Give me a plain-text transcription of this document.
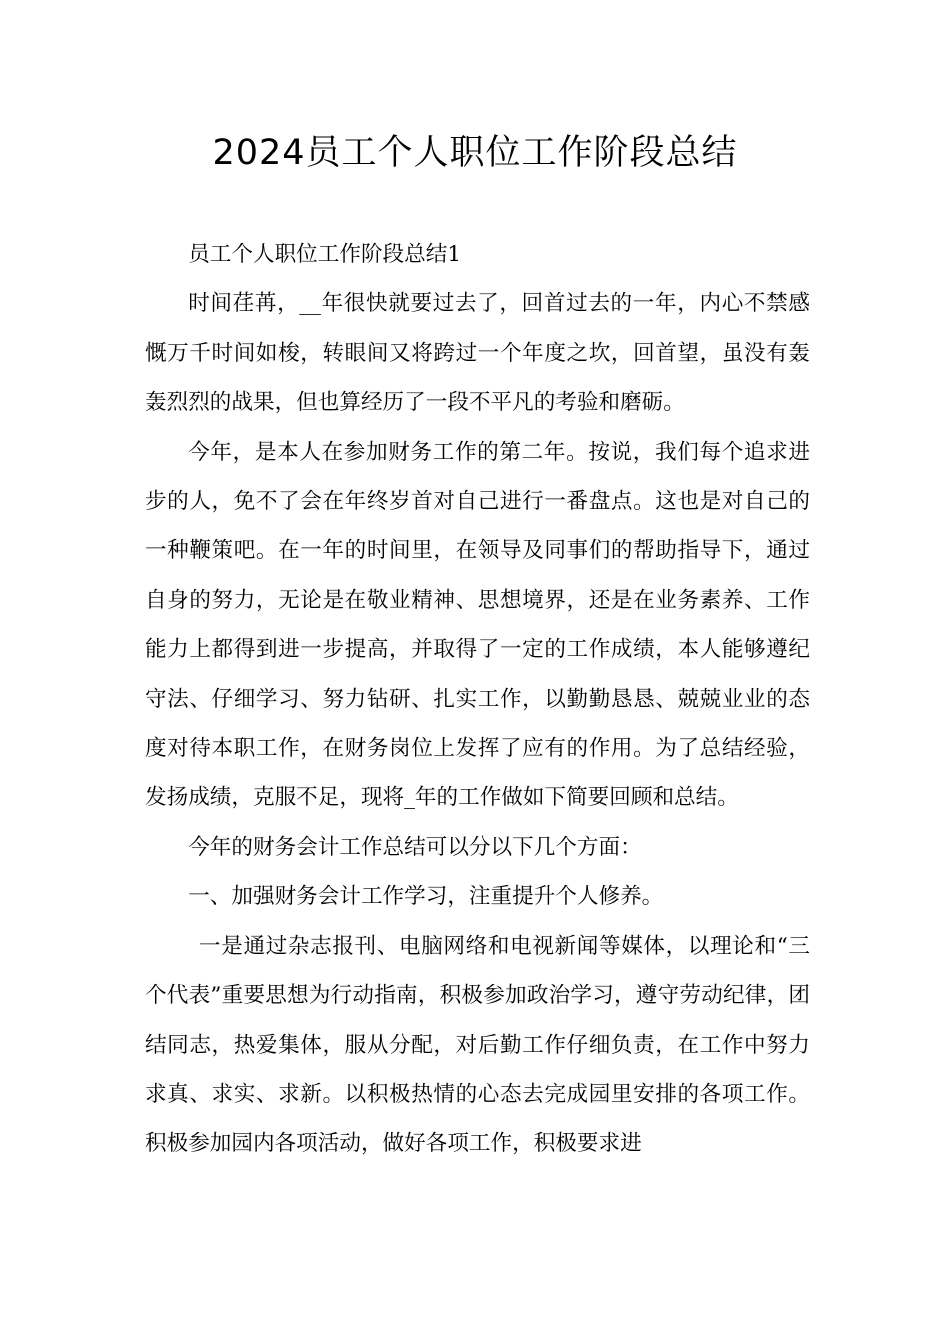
2024员工个人职位工作阶段总结

员工个人职位工作阶段总结1

时间荏苒，__年很快就要过去了，回首过去的一年，内心不禁感慨万千时间如梭，转眼间又将跨过一个年度之坎，回首望，虽没有轰轰烈烈的战果，但也算经历了一段不平凡的考验和磨砺。

今年，是本人在参加财务工作的第二年。按说，我们每个追求进步的人，免不了会在年终岁首对自己进行一番盘点。这也是对自己的一种鞭策吧。在一年的时间里，在领导及同事们的帮助指导下，通过自身的努力，无论是在敬业精神、思想境界，还是在业务素养、工作能力上都得到进一步提高，并取得了一定的工作成绩，本人能够遵纪守法、仔细学习、努力钻研、扎实工作，以勤勤恳恳、兢兢业业的态度对待本职工作，在财务岗位上发挥了应有的作用。为了总结经验，发扬成绩，克服不足，现将_年的工作做如下简要回顾和总结。

今年的财务会计工作总结可以分以下几个方面：

一、加强财务会计工作学习，注重提升个人修养。

一是通过杂志报刊、电脑网络和电视新闻等媒体，以理论和“三个代表”重要思想为行动指南，积极参加政治学习，遵守劳动纪律，团结同志，热爱集体，服从分配，对后勤工作仔细负责，在工作中努力求真、求实、求新。以积极热情的心态去完成园里安排的各项工作。积极参加园内各项活动，做好各项工作，积极要求进
